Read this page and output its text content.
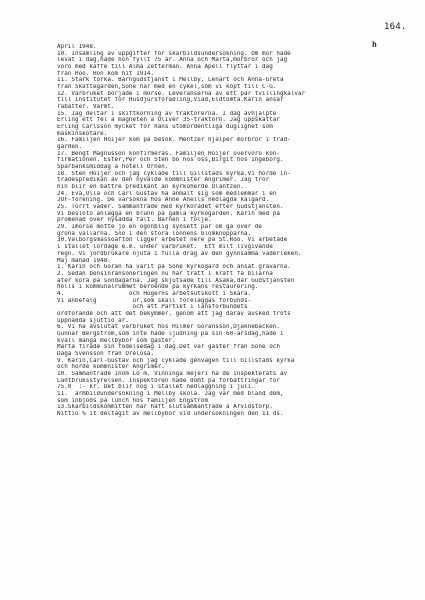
164.
h
April 1948.
10. Insamling av uppgifter för skärbildsundersökning. Om mor hade
levat i dag,hade hon fyllt 75 år. Anna och Märta,morbror och jag
vorö med kaffe till Alma Zetterman. Anna Apell flyttar i dag
från Roo. Hon kom hit 1914.
11. Stark torka. Barngudstjänst i Mellby. Lenart och Anna-Greta
från Skattegården,Söne här med en cykel,som vi köpt till C-G.
12. Vårbruket började i morse. Leveranserna av ett par tvillingkalvar
till Institutet för Husdjursförädling,Viad,Eldtomta.Karin ansar
rabatter. Varmt.
15. Jag deltar i skiftkörning av traktorerna. I dag avhjälpte
Erling ett fel å magneten å Oliver 35-traktorn. Jag uppskattar
Erling Carlsson mycket för hans utomordentliga duglighet som
maskinskötare.
16. Familjen Höijer kom på besök. Mentzer hjälper morbror i träd-
gården.
17. Bengt Magnusson konfirmeras. Familjen Höijer övervoro kon-
firmationen. Ester,Per och Sten bo hos oss,Birgit hos Ingeborg.
Sparbanksmiddag å hotell Örnen.
18. Sten Höijer och jag cyklade till Gillstads kyrka.Vi hörde in-
trädespredikan av den nyvalde kommnister Angrimer. Jag tror
hin blir en bättre predikant än kyrkoherde Olantzén.
24. Eva,Ulla och Carl Gustav ha anmält sig som medlemmar i en
JUF-förening. De vårsökna hos Anne Anells nedlagda kalgård.
25. Torrt väder. Sammanträde med kyrkorådet efter Gudstjänsten.
Vi beslöto anlägga en brunn på gamla kyrkogården. Karin med på
promenad över nysådda fält. Barnen i följe.
29. Imorse mötte jo en ögonblig synsett par om gå över de
gröna vallarna. Snö i den stora lönnens blomknopparna.
30.Valborgsmässoafton ligger arbetet nere på St.Roo. Vi arbetade
i stället lördage e.m. under vårbruket.  Ett milt livgivande
regn. Vi jordbrukare njuta i fulla drag av den gynnsamma väderleken.
Maj månad 1948.
1. Karin och Göran ha varit på Söne kyrkogård och ansat gravarna.
2. Sedan bensinransoneringen nu har trätt i kraft få bilarna
åter köra på söndagarna. Jag skjutsade till Asaka,där Gudstjänsten
hölls i kommunalrummet beroende på kyrkans restaurering.
4.                  och Högerns arbetsutskott i Skara.
Vi anbefalg          ur,som skall föreläggas förbunds-
och att Partiet i länsförbundets
ordförande och att det bekymmer. genom att jag därav avsked trots
uppnådda sjuttio år.
6. Vi ha avslutat vårbruket hos Hilmer Göransson,Djäknebacken.
Gunnar Bergström,som inte hade ljudning på sin 60-årsdag,hade i
kväll många mellbybor som gäster.
Märta firade sin födelsedag i dag.Det var gäster från Söne och
Daga Svensson från Örelösa.
9. Karin,Carl-Gustav och jag cyklade genvägen till Gillstads kyrka
och hörde kommnister Angrimer.
10. Sammanträde inom Lo m. Vinninga mejeri ha de inspekterats av
Lantbruksstyrelsen. Inspektören hade dömt på förbättringar för
75.0  :- kr. Det blir nog i stället nedläggning i juli.
11.  ärmbildundersökning i Mellby skola. Jag var med bland dem,
som inbjöds på lunch hos familjen Engström
13.Skärbildskommittén har haft slutsammanträde å Arvidstorp.
Nittio % it deltagit av mellbybor vid undersökningen den 11 ds.
